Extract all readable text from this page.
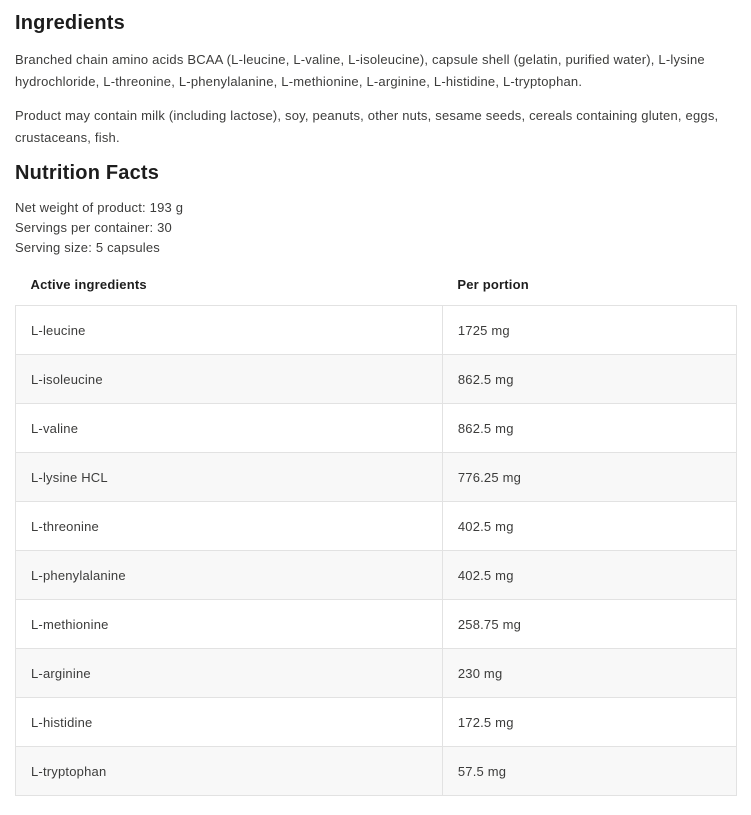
Ingredients

Branched chain amino acids BCAA (L-leucine, L-valine, L-isoleucine), capsule shell (gelatin, purified water), L-lysine hydrochloride, L-threonine, L-phenylalanine, L-methionine, L-arginine, L-histidine, L-tryptophan.

Product may contain milk (including lactose), soy, peanuts, other nuts, sesame seeds, cereals containing gluten, eggs, crustaceans, fish.

Nutrition Facts

Net weight of product: 193 g

Servings per container: 30

Serving size: 5 capsules

Active ingredients	Per portion
L-leucine	1725 mg
L-isoleucine	862.5 mg
L-valine	862.5 mg
L-lysine HCL	776.25 mg
L-threonine	402.5 mg
L-phenylalanine	402.5 mg
L-methionine	258.75 mg
L-arginine	230 mg
L-histidine	172.5 mg
L-tryptophan	57.5 mg
